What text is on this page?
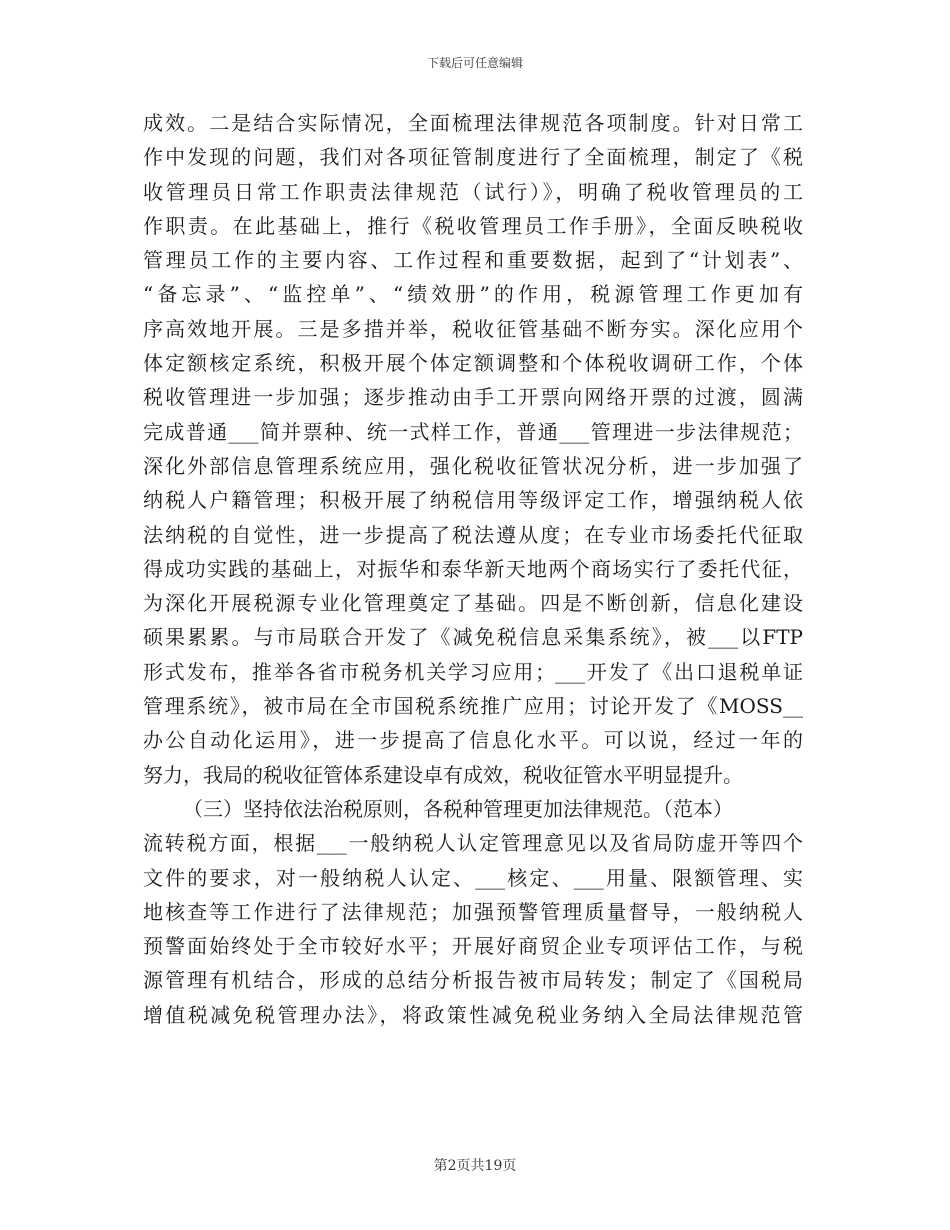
下载后可任意编辑
成效。二是结合实际情况，全面梳理法律规范各项制度。针对日常工
作中发现的问题，我们对各项征管制度进行了全面梳理，制定了《税
收管理员日常工作职责法律规范（试行）》，明确了税收管理员的工
作职责。在此基础上，推行《税收管理员工作手册》，全面反映税收
管理员工作的主要内容、工作过程和重要数据，起到了“计划表”、
“备忘录”、“监控单”、“绩效册”的作用，税源管理工作更加有
序高效地开展。三是多措并举，税收征管基础不断夯实。深化应用个
体定额核定系统，积极开展个体定额调整和个体税收调研工作，个体
税收管理进一步加强；逐步推动由手工开票向网络开票的过渡，圆满
完成普通___简并票种、统一式样工作，普通___管理进一步法律规范；
深化外部信息管理系统应用，强化税收征管状况分析，进一步加强了
纳税人户籍管理；积极开展了纳税信用等级评定工作，增强纳税人依
法纳税的自觉性，进一步提高了税法遵从度；在专业市场委托代征取
得成功实践的基础上，对振华和泰华新天地两个商场实行了委托代征，
为深化开展税源专业化管理奠定了基础。四是不断创新，信息化建设
硕果累累。与市局联合开发了《减免税信息采集系统》，被___以FTP
形式发布，推举各省市税务机关学习应用；___开发了《出口退税单证
管理系统》，被市局在全市国税系统推广应用；讨论开发了《MOSS__
办公自动化运用》，进一步提高了信息化水平。可以说，经过一年的
努力，我局的税收征管体系建设卓有成效，税收征管水平明显提升。
（三）坚持依法治税原则，各税种管理更加法律规范。（范本）
流转税方面，根据___一般纳税人认定管理意见以及省局防虚开等四个
文件的要求，对一般纳税人认定、___核定、___用量、限额管理、实
地核查等工作进行了法律规范；加强预警管理质量督导，一般纳税人
预警面始终处于全市较好水平；开展好商贸企业专项评估工作，与税
源管理有机结合，形成的总结分析报告被市局转发；制定了《国税局
增值税减免税管理办法》，将政策性减免税业务纳入全局法律规范管
第2页共19页
